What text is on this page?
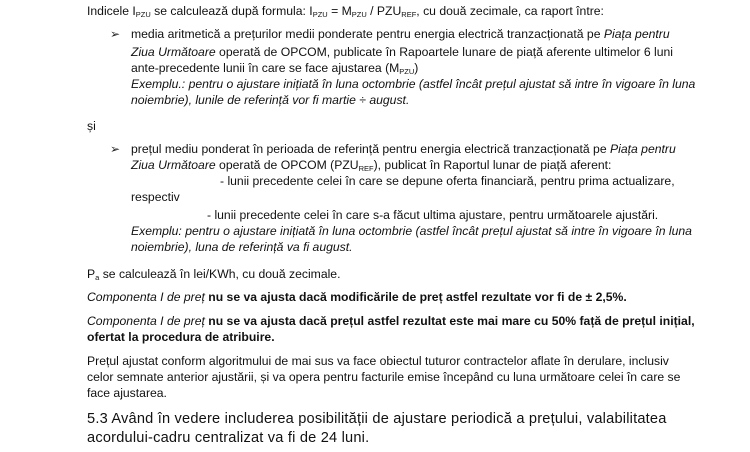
Indicele $I_{PZU}$ se calculează după formula: $I_{PZU} = M_{PZU} / PZU_{REF}$, cu două zecimale, ca raport între:
➢ media aritmetică a prețurilor medii ponderate pentru energia electrică tranzacționată pe Piața pentru
Ziua Următoare operată de OPCOM, publicate în Rapoartele lunare de piață aferente ultimelor 6 luni
ante-precedente lunii în care se face ajustarea $(M_{PZU})$
Exemplu.: pentru o ajustare inițiată în luna octombrie (astfel încât prețul ajustat să intre în vigoare în luna
noiembrie), lunile de referință vor fi martie ÷ august.
și
➢ prețul mediu ponderat în perioada de referință pentru energia electrică tranzacționată pe Piața pentru
Ziua Următoare operată de OPCOM $(PZU_{REF})$, publicat în Raportul lunar de piață aferent:
- lunii precedente celei în care se depune oferta financiară, pentru prima actualizare,
respectiv
- lunii precedente celei în care s-a făcut ultima ajustare, pentru următoarele ajustări.
Exemplu: pentru o ajustare inițiată în luna octombrie (astfel încât prețul ajustat să intre în vigoare în luna
noiembrie), luna de referință va fi august.
$P_a$ se calculează în lei/KWh, cu două zecimale.
Componenta I de preț nu se va ajusta dacă modificările de preț astfel rezultate vor fi de ± 2,5%.
Componenta I de preț nu se va ajusta dacă prețul astfel rezultat este mai mare cu 50% față de prețul inițial,
ofertat la procedura de atribuire.
Prețul ajustat conform algoritmului de mai sus va face obiectul tuturor contractelor aflate în derulare, inclusiv
celor semnate anterior ajustării, și va opera pentru facturile emise începând cu luna următoare celei în care se
face ajustarea.
5.3 Având în vedere includerea posibilității de ajustare periodică a prețului, valabilitatea
acordului-cadru centralizat va fi de 24 luni.
